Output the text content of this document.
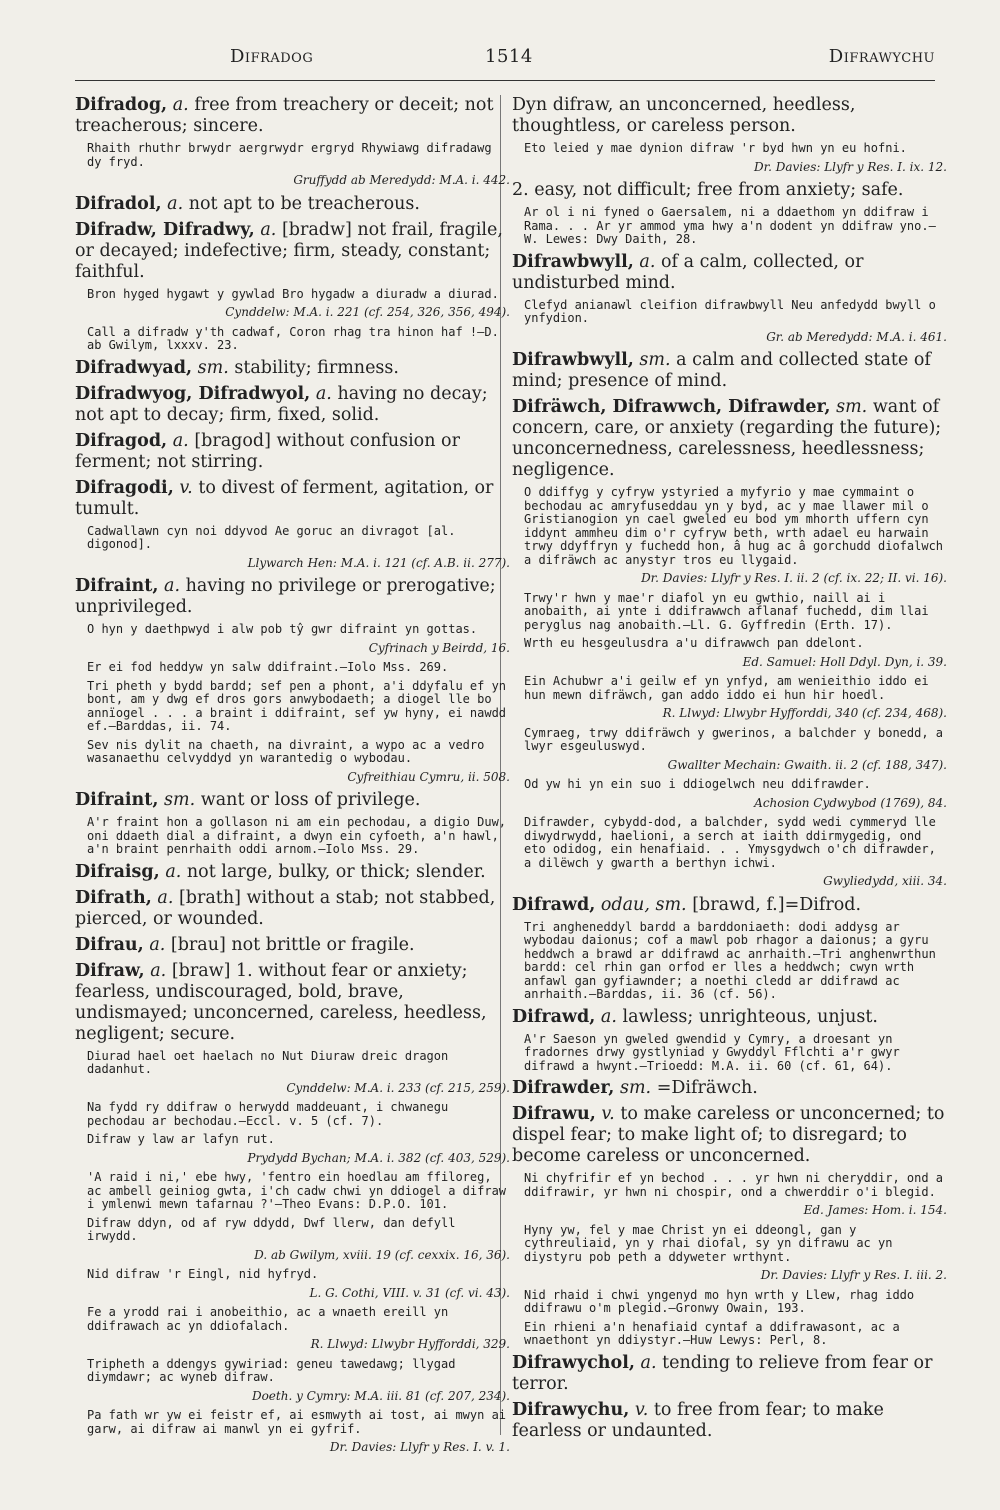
Difradog	1514	Difrawychu
Difradog, a. free from treachery or deceit; not treacherous; sincere.
Rhaith rhuthr brwydr aergrwydr ergryd Rhywiawg difradawg dy fryd.
Gruffydd ab Meredydd: M.A. i. 442.
Difradol, a. not apt to be treacherous.
Difradw, Difradwy, a. [bradw] not frail, fragile, or decayed; indefective; firm, steady, constant; faithful.
Bron hyged hygawt y gywlad Bro hygadw a diuradw a diurad.
Cynddelw: M.A. i. 221 (cf. 254, 326, 356, 494).
Call a difradw y'th cadwaf, Coron rhag tra hinon haf !—D. ab Gwilym, lxxxv. 23.
Difradwyad, sm. stability; firmness.
Difradwyog, Difradwyol, a. having no decay; not apt to decay; firm, fixed, solid.
Difragod, a. [bragod] without confusion or ferment; not stirring.
Difragodi, v. to divest of ferment, agitation, or tumult.
Cadwallawn cyn noi ddyvod Ae goruc an divragot [al. digonod].
Llywarch Hen: M.A. i. 121 (cf. A.B. ii. 277).
Difraint, a. having no privilege or prerogative; unprivileged.
O hyn y daethpwyd i alw pob tŷ gwr difraint yn gottas.
Cyfrinach y Beirdd, 16.
Er ei fod heddyw yn salw ddifraint.—Iolo Mss. 269.
Tri pheth y bydd bardd; sef pen a phont, a'i ddyfalu ef yn bont, am y dwg ef dros gors anwybodaeth; a diogel lle bo annïogel . . . a braint i ddifraint, sef yw hyny, ei nawdd ef.—Barddas, ii. 74.
Sev nis dylit na chaeth, na divraint, a wypo ac a vedro wasanaethu celvyddyd yn warantedig o wybodau.
Cyfreithiau Cymru, ii. 508.
Difraint, sm. want or loss of privilege.
A'r fraint hon a gollason ni am ein pechodau, a digio Duw, oni ddaeth dial a difraint, a dwyn ein cyfoeth, a'n hawl, a'n braint penrhaith oddi arnom.—Iolo Mss. 29.
Difraisg, a. not large, bulky, or thick; slender.
Difrath, a. [brath] without a stab; not stabbed, pierced, or wounded.
Difrau, a. [brau] not brittle or fragile.
Difraw, a. [braw] 1. without fear or anxiety; fearless, undiscouraged, bold, brave, undismayed; unconcerned, careless, heedless, negligent; secure.
Diurad hael oet haelach no Nut Diuraw dreic dragon dadanhut.
Cynddelw: M.A. i. 233 (cf. 215, 259).
Na fydd ry ddifraw o herwydd maddeuant, i chwanegu pechodau ar bechodau.—Eccl. v. 5 (cf. 7).
Difraw y law ar lafyn rut.
Prydydd Bychan; M.A. i. 382 (cf. 403, 529).
'A raid i ni,' ebe hwy, 'fentro ein hoedlau am ffiloreg, ac ambell geiniog gwta, i'ch cadw chwi yn ddiogel a difraw i ymlenwi mewn tafarnau ?'—Theo Evans: D.P.O. 101.
Difraw ddyn, od af ryw ddydd, Dwf llerw, dan defyll irwydd.
D. ab Gwilym, xviii. 19 (cf. cexxix. 16, 36).
Nid difraw 'r Eingl, nid hyfryd.
L. G. Cothi, VIII. v. 31 (cf. vi. 43).
Fe a yrodd rai i anobeithio, ac a wnaeth ereill yn ddifrawach ac yn ddiofalach.
R. Llwyd: Llwybr Hyfforddi, 329.
Tripheth a ddengys gywiriad: geneu tawedawg; llygad diymdawr; ac wyneb difraw.
Doeth. y Cymry: M.A. iii. 81 (cf. 207, 234).
Pa fath wr yw ei feistr ef, ai esmwyth ai tost, ai mwyn ai garw, ai difraw ai manwl yn ei gyfrif.
Dr. Davies: Llyfr y Res. I. v. 1.
Dyn difraw, an unconcerned, heedless, thoughtless, or careless person.
Eto leied y mae dynion difraw 'r byd hwn yn eu hofni.
Dr. Davies: Llyfr y Res. I. ix. 12.
2. easy, not difficult; free from anxiety; safe.
Ar ol i ni fyned o Gaersalem, ni a ddaethom yn ddifraw i Rama. . . Ar yr ammod yma hwy a'n dodent yn ddifraw yno.—W. Lewes: Dwy Daith, 28.
Difrawbwyll, a. of a calm, collected, or undisturbed mind.
Clefyd anianawl cleifion difrawbwyll Neu anfedydd bwyll o ynfydion.
Gr. ab Meredydd: M.A. i. 461.
Difrawbwyll, sm. a calm and collected state of mind; presence of mind.
Difräwch, Difrawwch, Difrawder, sm. want of concern, care, or anxiety (regarding the future); unconcernedness, carelessness, heedlessness; negligence.
O ddiffyg y cyfryw ystyried a myfyrio y mae cymmaint o bechodau ac amryfuseddau yn y byd, ac y mae llawer mil o Gristianogion yn cael gweled eu bod ym mhorth uffern cyn iddynt ammheu dim o'r cyfryw beth, wrth adael eu harwain trwy ddyffryn y fuchedd hon, â hug ac â gorchudd diofalwch a difräwch ac anystyr tros eu llygaid.
Dr. Davies: Llyfr y Res. I. ii. 2 (cf. ix. 22; II. vi. 16).
Trwy'r hwn y mae'r diafol yn eu gwthio, naill ai i anobaith, ai ynte i ddifrawwch aflanaf fuchedd, dim llai peryglus nag anobaith.—Ll. G. Gyffredin (Erth. 17).
Wrth eu hesgeulusdra a'u difrawwch pan ddelont.
Ed. Samuel: Holl Ddyl. Dyn, i. 39.
Ein Achubwr a'i geilw ef yn ynfyd, am wenieithio iddo ei hun mewn difräwch, gan addo iddo ei hun hir hoedl.
R. Llwyd: Llwybr Hyfforddi, 340 (cf. 234, 468).
Cymraeg, trwy ddifräwch y gwerinos, a balchder y bonedd, a lwyr esgeuluswyd.
Gwallter Mechain: Gwaith. ii. 2 (cf. 188, 347).
Od yw hi yn ein suo i ddiogelwch neu ddifrawder.
Achosion Cydwybod (1769), 84.
Difrawder, cybydd-dod, a balchder, sydd wedi cymmeryd lle diwydrwydd, haelioni, a serch at iaith ddirmygedig, ond eto odidog, ein henafiaid. . . Ymysgydwch o'ch difrawder, a dilëwch y gwarth a berthyn ichwi.
Gwyliedydd, xiii. 34.
Difrawd, odau, sm. [brawd, f.]=Difrod.
Tri angheneddyl bardd a barddoniaeth: dodi addysg ar wybodau daionus; cof a mawl pob rhagor a daionus; a gyru heddwch a brawd ar ddifrawd ac anrhaith.—Tri anghenwrthun bardd: cel rhin gan orfod er lles a heddwch; cwyn wrth anfawl gan gyfiawnder; a noethi cledd ar ddifrawd ac anrhaith.—Barddas, ii. 36 (cf. 56).
Difrawd, a. lawless; unrighteous, unjust.
A'r Saeson yn gweled gwendid y Cymry, a droesant yn fradornes drwy gystlyniad y Gwyddyl Fflchti a'r gwyr difrawd a hwynt.—Trioedd: M.A. ii. 60 (cf. 61, 64).
Difrawder, sm. =Difräwch.
Difrawu, v. to make careless or unconcerned; to dispel fear; to make light of; to disregard; to become careless or unconcerned.
Ni chyfrifir ef yn bechod . . . yr hwn ni cheryddir, ond a ddifrawir, yr hwn ni chospir, ond a chwerddir o'i blegid.
Ed. James: Hom. i. 154.
Hyny yw, fel y mae Christ yn ei ddeongl, gan y cythreuliaid, yn y rhai diofal, sy yn difrawu ac yn diystyru pob peth a ddyweter wrthynt.
Dr. Davies: Llyfr y Res. I. iii. 2.
Nid rhaid i chwi yngenyd mo hyn wrth y Llew, rhag iddo ddifrawu o'm plegid.—Gronwy Owain, 193.
Ein rhieni a'n henafiaid cyntaf a ddifrawasont, ac a wnaethont yn ddiystyr.—Huw Lewys: Perl, 8.
Difrawychol, a. tending to relieve from fear or terror.
Difrawychu, v. to free from fear; to make fearless or undaunted.
